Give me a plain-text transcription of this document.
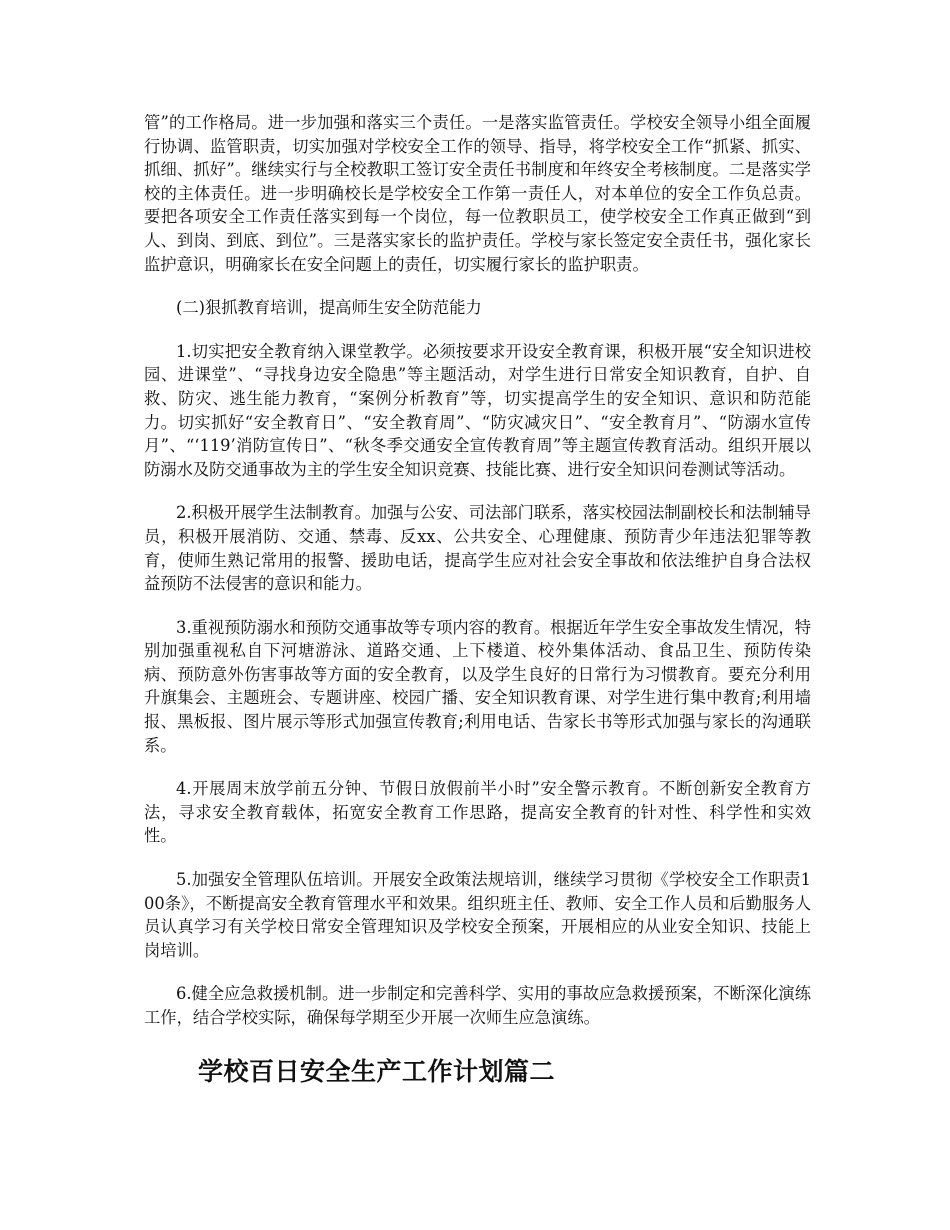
管”的工作格局。进一步加强和落实三个责任。一是落实监管责任。学校安全领导小组全面履行协调、监管职责，切实加强对学校安全工作的领导、指导，将学校安全工作“抓紧、抓实、抓细、抓好”。继续实行与全校教职工签订安全责任书制度和年终安全考核制度。二是落实学校的主体责任。进一步明确校长是学校安全工作第一责任人，对本单位的安全工作负总责。要把各项安全工作责任落实到每一个岗位，每一位教职员工，使学校安全工作真正做到“到人、到岗、到底、到位”。三是落实家长的监护责任。学校与家长签定安全责任书，强化家长监护意识，明确家长在安全问题上的责任，切实履行家长的监护职责。

(二)狠抓教育培训，提高师生安全防范能力

1.切实把安全教育纳入课堂教学。必须按要求开设安全教育课，积极开展“安全知识进校园、进课堂”、“寻找身边安全隐患”等主题活动，对学生进行日常安全知识教育，自护、自救、防灾、逃生能力教育，“案例分析教育”等，切实提高学生的安全知识、意识和防范能力。切实抓好“安全教育日”、“安全教育周”、“防灾减灾日”、“安全教育月”、“防溺水宣传月”、“‘119’消防宣传日”、“秋冬季交通安全宣传教育周”等主题宣传教育活动。组织开展以防溺水及防交通事故为主的学生安全知识竞赛、技能比赛、进行安全知识问卷测试等活动。

2.积极开展学生法制教育。加强与公安、司法部门联系，落实校园法制副校长和法制辅导员，积极开展消防、交通、禁毒、反xx、公共安全、心理健康、预防青少年违法犯罪等教育，使师生熟记常用的报警、援助电话，提高学生应对社会安全事故和依法维护自身合法权益预防不法侵害的意识和能力。

3.重视预防溺水和预防交通事故等专项内容的教育。根据近年学生安全事故发生情况，特别加强重视私自下河塘游泳、道路交通、上下楼道、校外集体活动、食品卫生、预防传染病、预防意外伤害事故等方面的安全教育，以及学生良好的日常行为习惯教育。要充分利用升旗集会、主题班会、专题讲座、校园广播、安全知识教育课、对学生进行集中教育;利用墙报、黑板报、图片展示等形式加强宣传教育;利用电话、告家长书等形式加强与家长的沟通联系。

4.开展周末放学前五分钟、节假日放假前半小时”安全警示教育。不断创新安全教育方法，寻求安全教育载体，拓宽安全教育工作思路，提高安全教育的针对性、科学性和实效性。

5.加强安全管理队伍培训。开展安全政策法规培训，继续学习贯彻《学校安全工作职责100条》，不断提高安全教育管理水平和效果。组织班主任、教师、安全工作人员和后勤服务人员认真学习有关学校日常安全管理知识及学校安全预案，开展相应的从业安全知识、技能上岗培训。

6.健全应急救援机制。进一步制定和完善科学、实用的事故应急救援预案，不断深化演练工作，结合学校实际，确保每学期至少开展一次师生应急演练。

学校百日安全生产工作计划篇二
